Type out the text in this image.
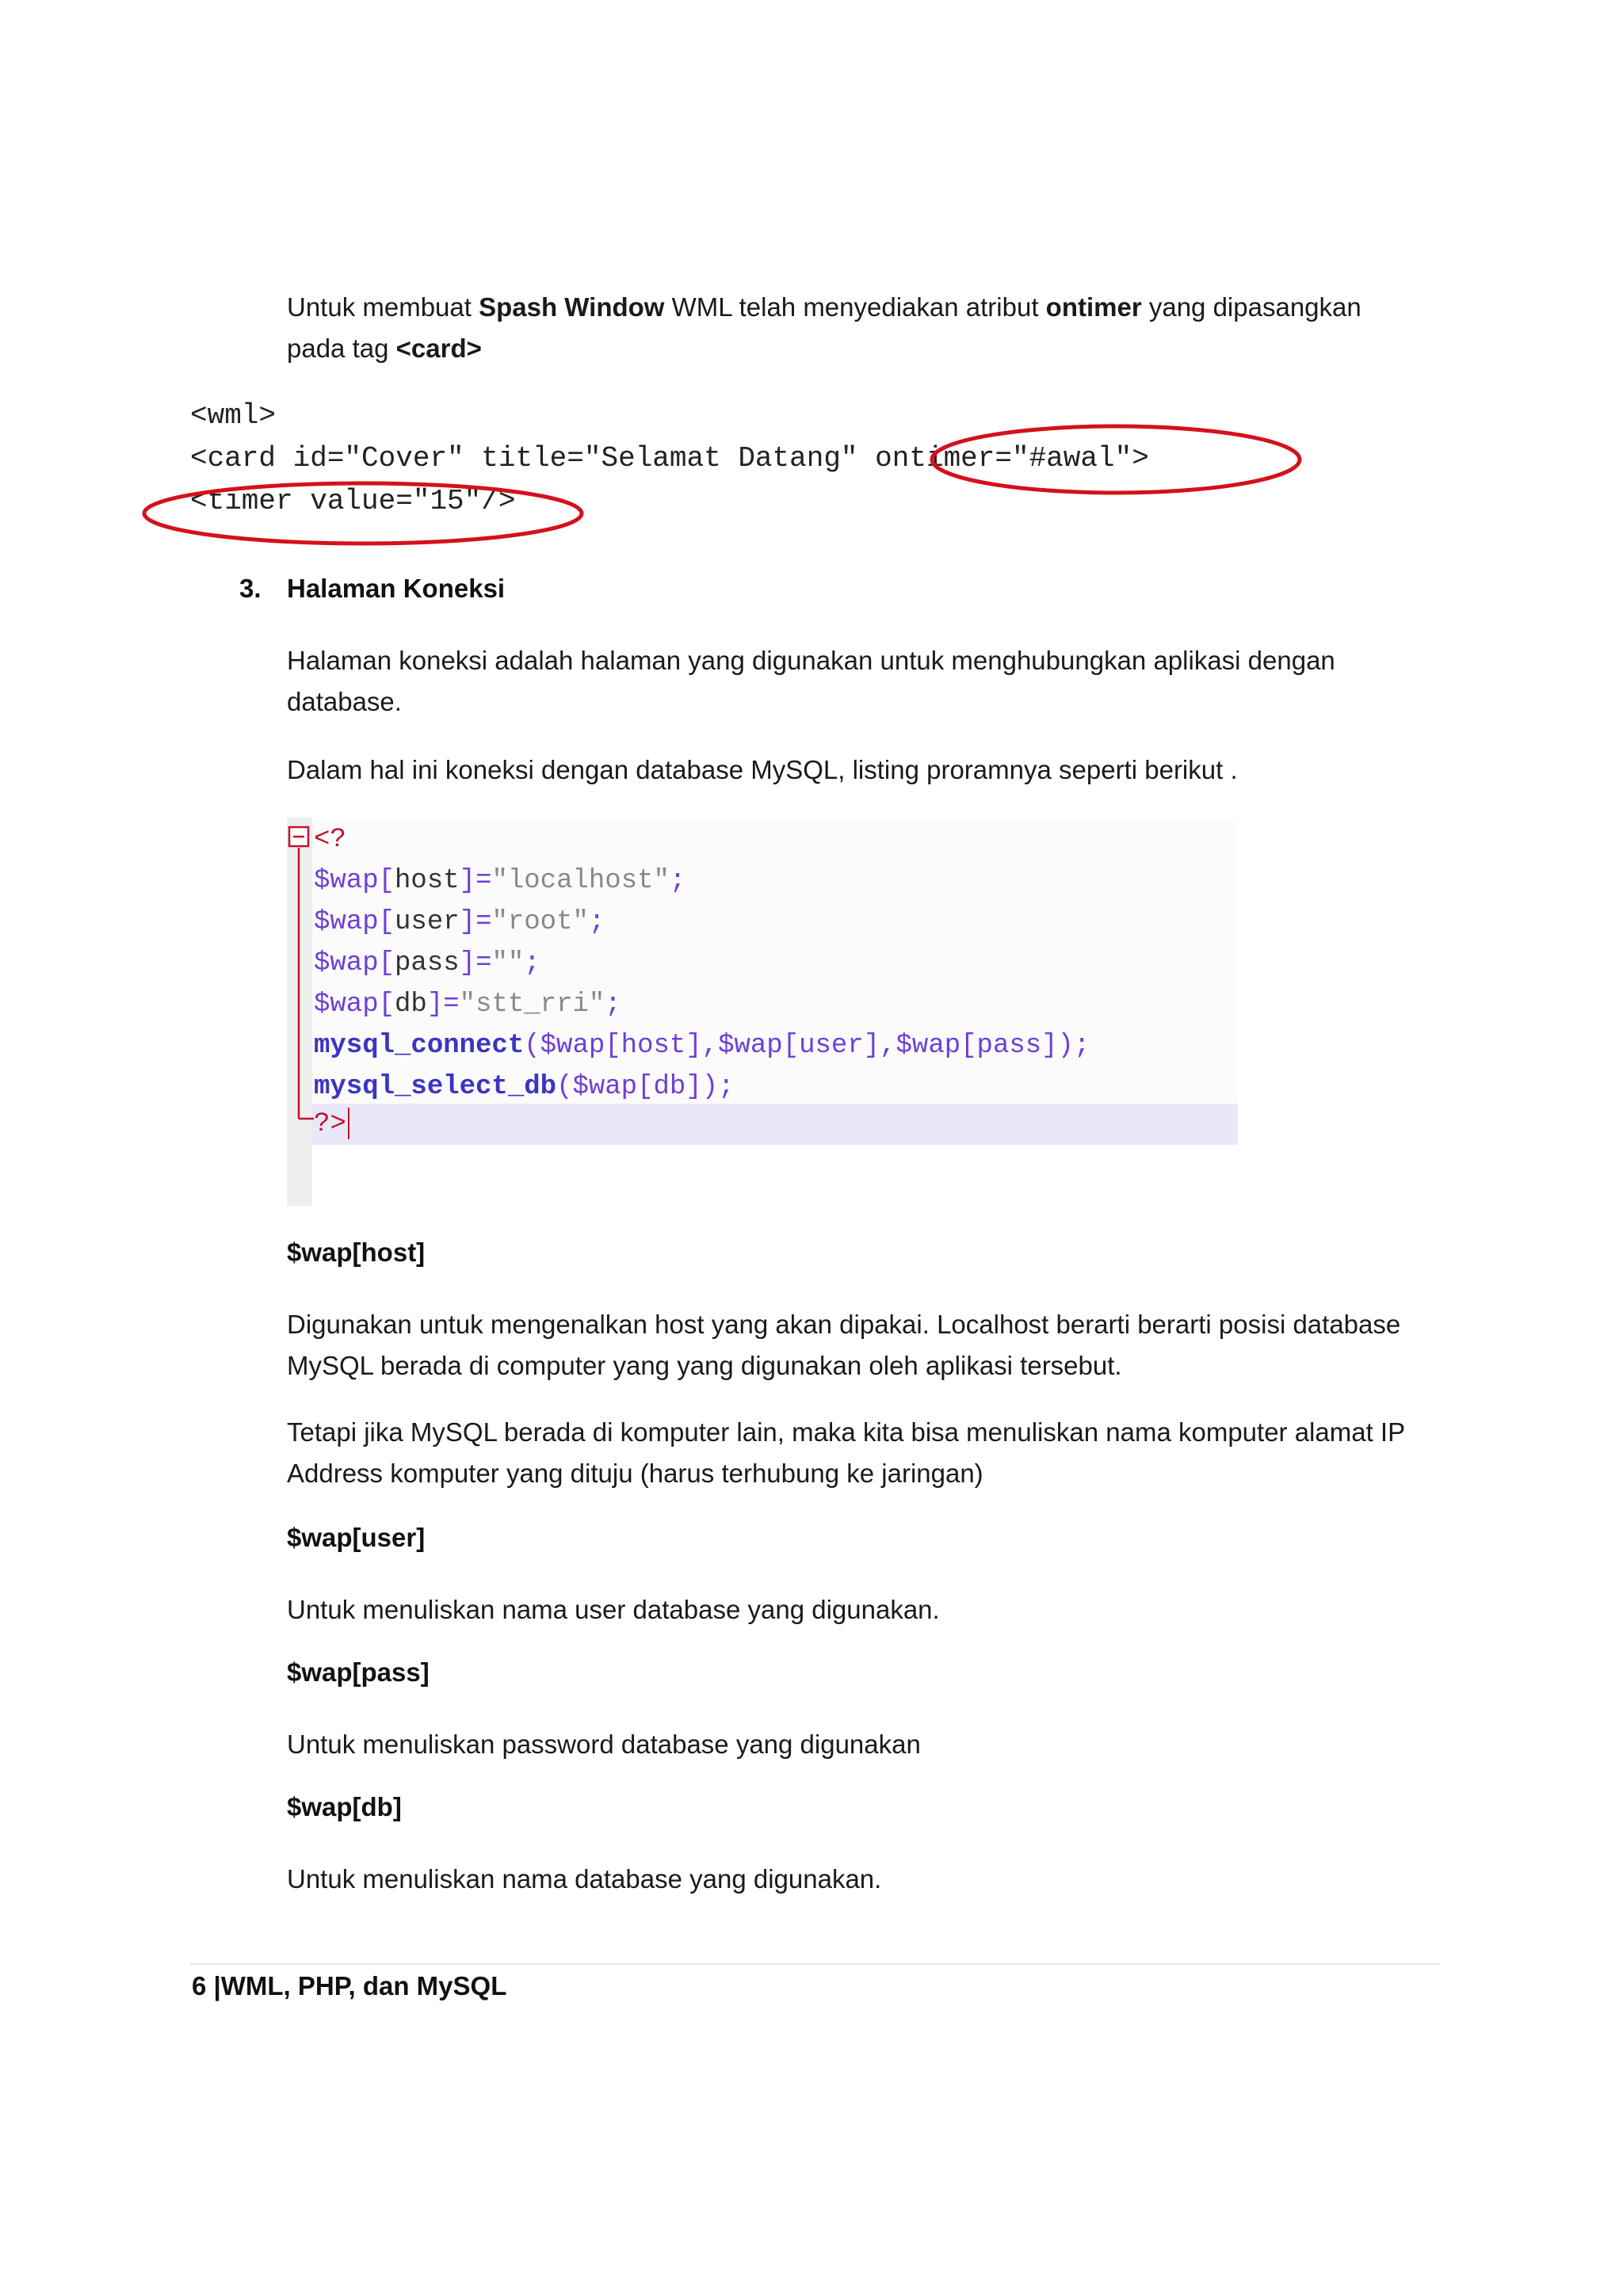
Untuk membuat Spash Window WML telah menyediakan atribut ontimer yang dipasangkan
pada tag <card>
<wml>
<card id="Cover" title="Selamat Datang" ontimer="#awal">
<timer value="15"/>
3. Halaman Koneksi
Halaman koneksi adalah halaman yang digunakan untuk menghubungkan aplikasi dengan
database.
Dalam hal ini koneksi dengan database MySQL, listing proramnya seperti berikut .
<?
$wap[host]="localhost";
$wap[user]="root";
$wap[pass]="";
$wap[db]="stt_rri";
mysql_connect($wap[host],$wap[user],$wap[pass]);
mysql_select_db($wap[db]);
?>
$wap[host]
Digunakan untuk mengenalkan host yang akan dipakai. Localhost berarti berarti posisi database
MySQL berada di computer yang yang digunakan oleh aplikasi tersebut.
Tetapi jika MySQL berada di komputer lain, maka kita bisa menuliskan nama komputer alamat IP
Address komputer yang dituju (harus terhubung ke jaringan)
$wap[user]
Untuk menuliskan nama user database yang digunakan.
$wap[pass]
Untuk menuliskan password database yang digunakan
$wap[db]
Untuk menuliskan nama database yang digunakan.
6 |WML, PHP, dan MySQL
